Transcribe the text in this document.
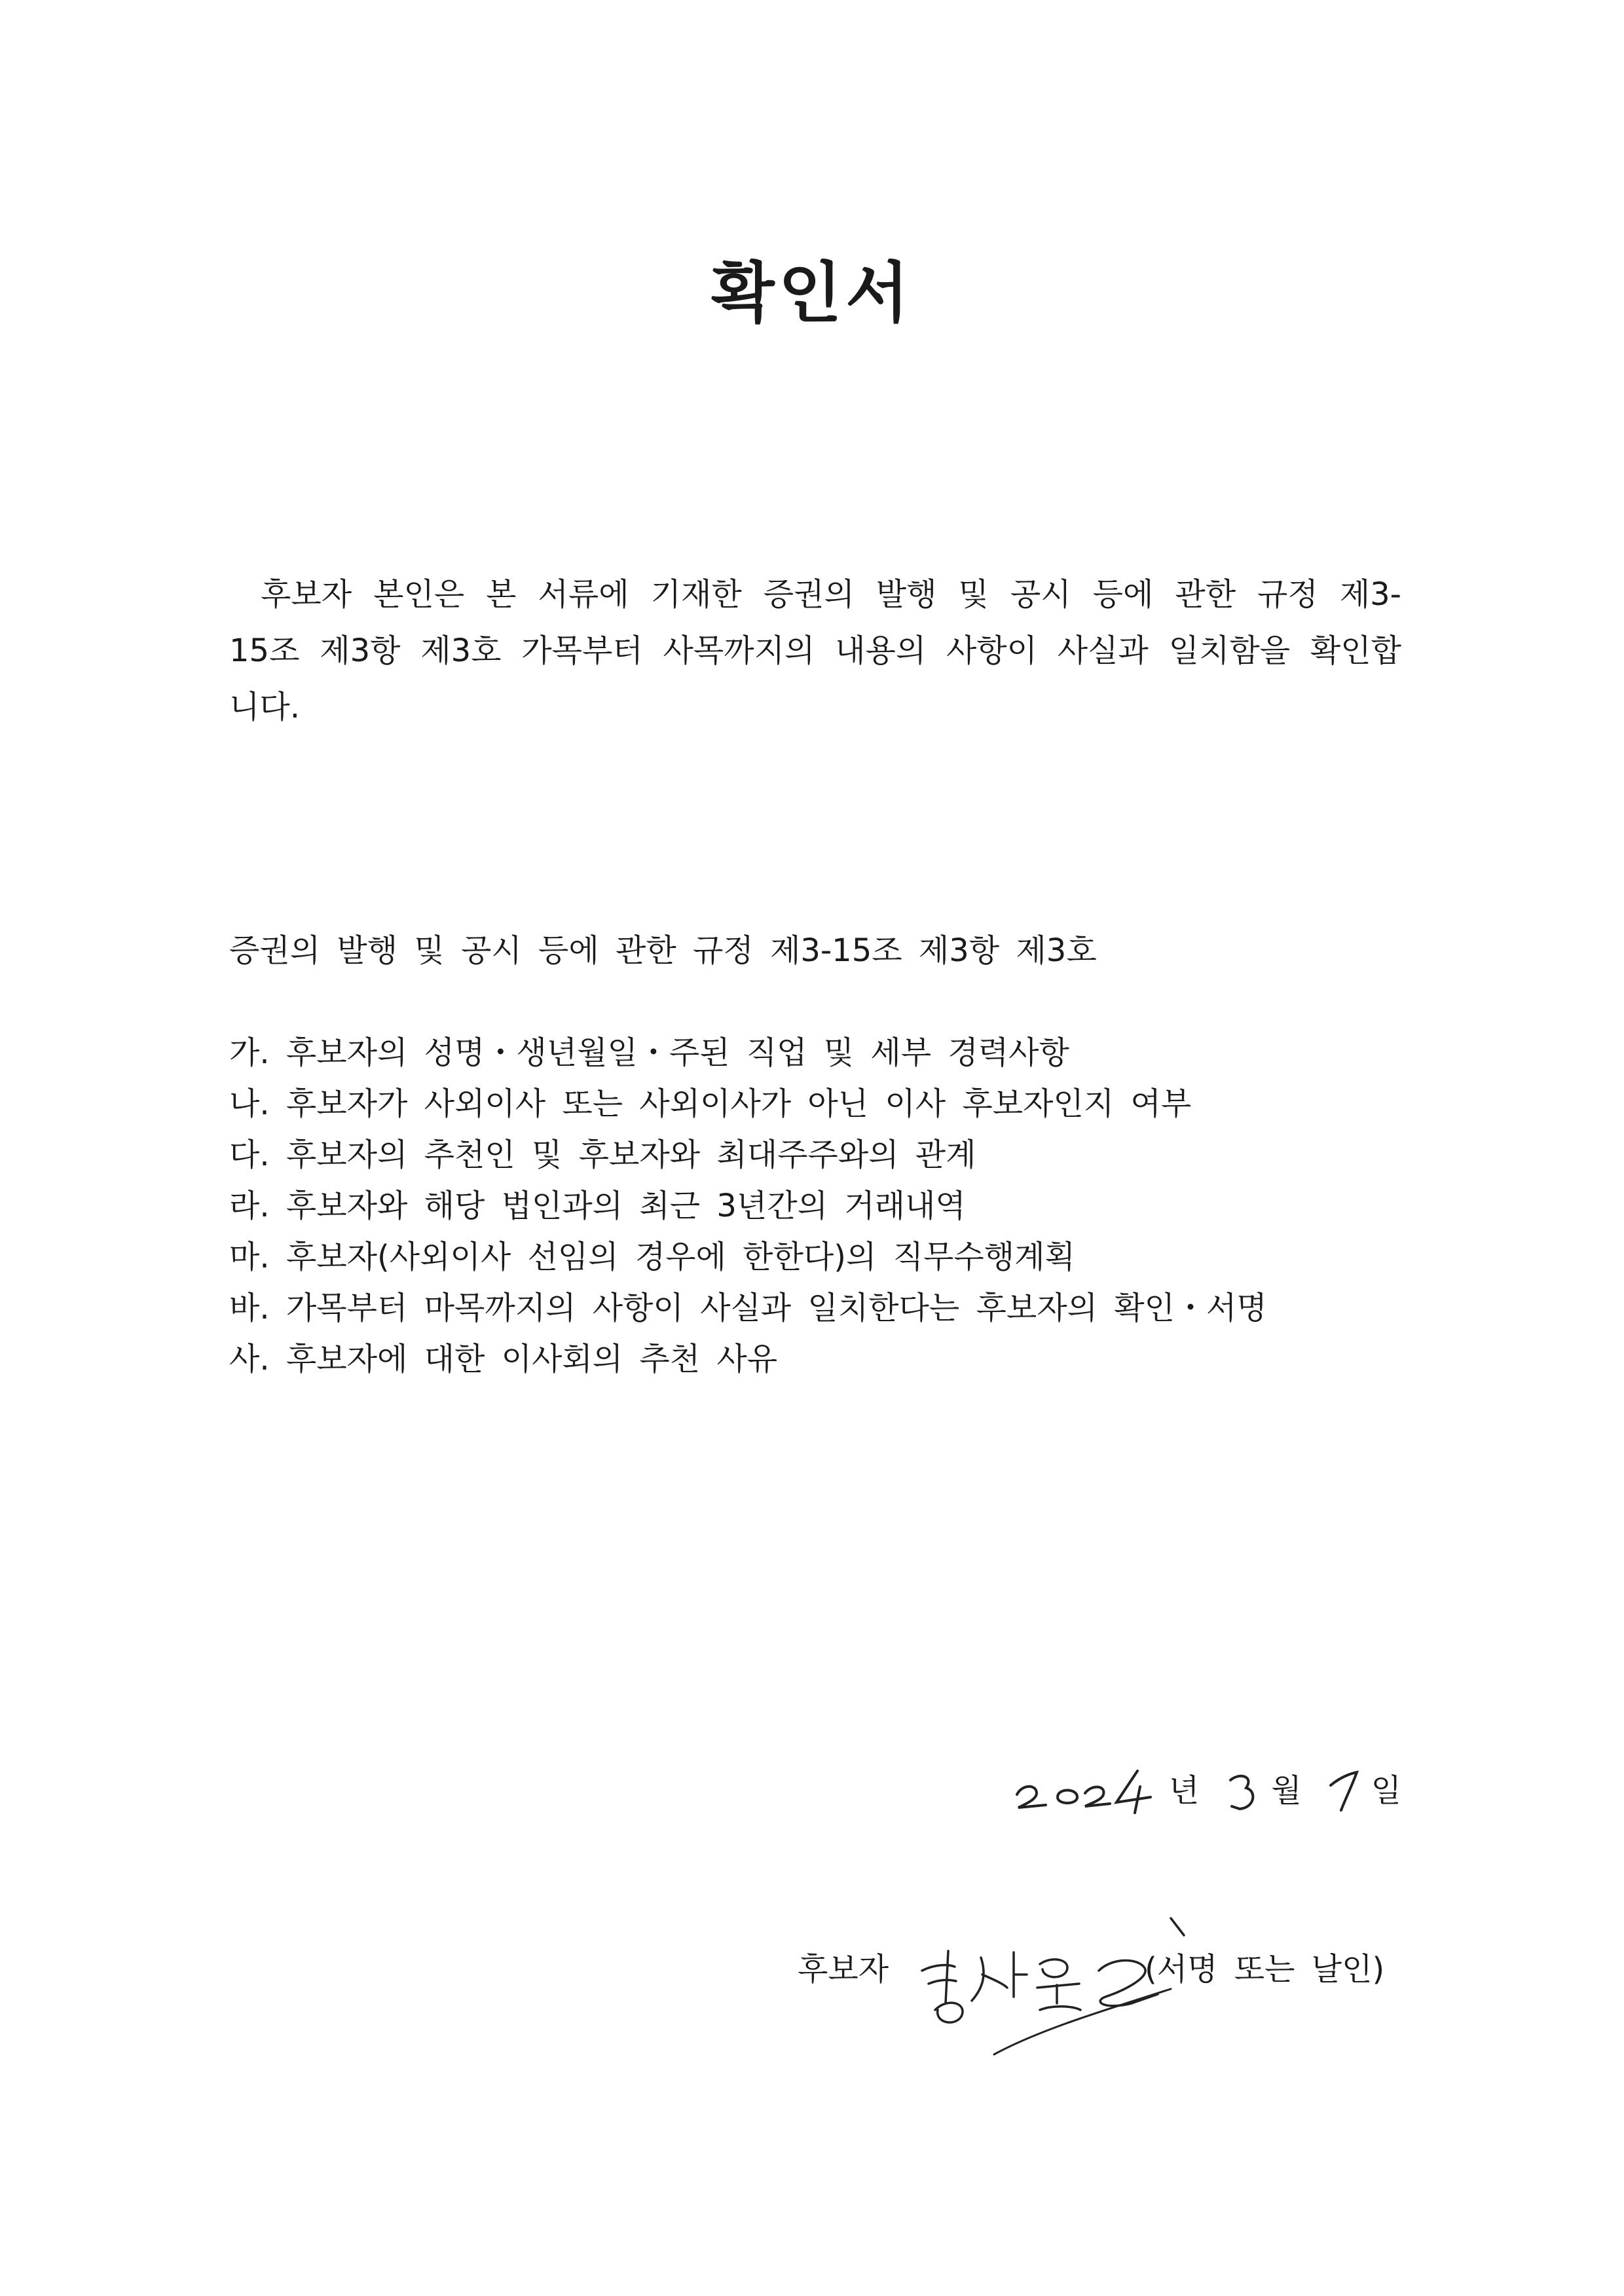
확인서

후보자 본인은 본 서류에 기재한 증권의 발행 및 공시 등에 관한 규정 제3-15조 제3항 제3호 가목부터 사목까지의 내용의 사항이 사실과 일치함을 확인합니다.

증권의 발행 및 공시 등에 관한 규정 제3-15조 제3항 제3호
가. 후보자의 성명・생년월일・주된 직업 및 세부 경력사항
나. 후보자가 사외이사 또는 사외이사가 아닌 이사 후보자인지 여부
다. 후보자의 추천인 및 후보자와 최대주주와의 관계
라. 후보자와 해당 법인과의 최근 3년간의 거래내역
마. 후보자(사외이사 선임의 경우에 한한다)의 직무수행계획
바. 가목부터 마목까지의 사항이 사실과 일치한다는 후보자의 확인・서명
사. 후보자에 대한 이사회의 추천 사유
년 월 일
후보자	(서명 또는 날인)
